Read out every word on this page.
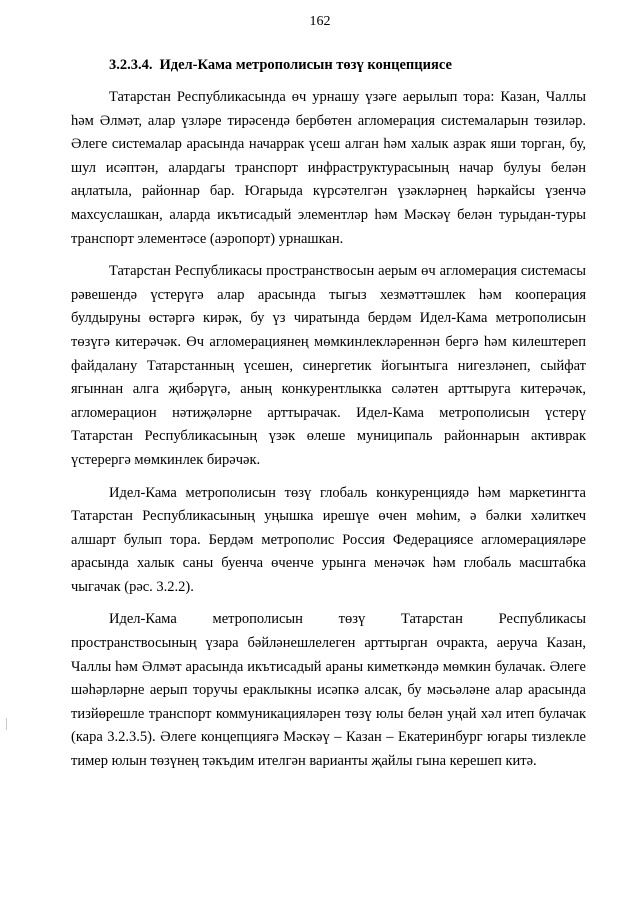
162
3.2.3.4. Идел-Кама метрополисын төзү концепциясе

Татарстан Республикасында өч урнашу үзәге аерылып тора: Казан, Чаллы һәм Әлмәт, алар үзләре тирәсендә бербөтен агломерация системаларын төзиләр. Әлеге системалар арасында начаррак үсеш алган һәм халык азрак яши торган, бу, шул исәптән, алардагы транспорт инфраструктурасының начар булуы белән аңлатыла, районнар бар. Югарыда күрсәтелгән үзәкләрнең һәркайсы үзенчә махсуслашкан, аларда икътисадый элементләр һәм Мәскәү белән турыдан-туры транспорт элементәсе (аэропорт) урнашкан.

Татарстан Республикасы пространствосын аерым өч агломерация системасы рәвешендә үстерүгә алар арасында тыгыз хезмәттәшлек һәм кооперация булдыруны өстәргә кирәк, бу үз чиратында бердәм Идел-Кама метрополисын төзүгә китерәчәк. Өч агломерациянең мөмкинлекләреннән бергә һәм килештереп файдалану Татарстанның үсешен, синергетик йогынтыга нигезләнеп, сыйфат ягыннан алга җибәрүгә, аның конкурентлыкка сәләтен арттыруга китерәчәк, агломерацион нәтиҗәләрне арттырачак. Идел-Кама метрополисын үстерү Татарстан Республикасының үзәк өлеше муниципаль районнарын активрак үстерергә мөмкинлек бирәчәк.

Идел-Кама метрополисын төзү глобаль конкуренциядә һәм маркетингта Татарстан Республикасының уңышка ирешүе өчен мөһим, ә бәлки хәлиткеч алшарт булып тора. Бердәм метрополис Россия Федерациясе агломерацияләре арасында халык саны буенча өченче урынга менәчәк һәм глобаль масштабка чыгачак (рәс. 3.2.2).

Идел-Кама метрополисын төзү Татарстан Республикасы пространствосының үзара бәйләнешлелеген арттырган очракта, аеруча Казан, Чаллы һәм Әлмәт арасында икътисадый араны киметкәндә мөмкин булачак. Әлеге шәһәрләрне аерып торучы ераклыкны исәпкә алсак, бу мәсьәләне алар арасында тизйөрешле транспорт коммуникацияләрен төзү юлы белән уңай хәл итеп булачак (кара 3.2.3.5). Әлеге концепциягә Мәскәү – Казан – Екатеринбург югары тизлекле тимер юлын төзүнең тәкъдим ителгән варианты җайлы гына керешеп китә.
